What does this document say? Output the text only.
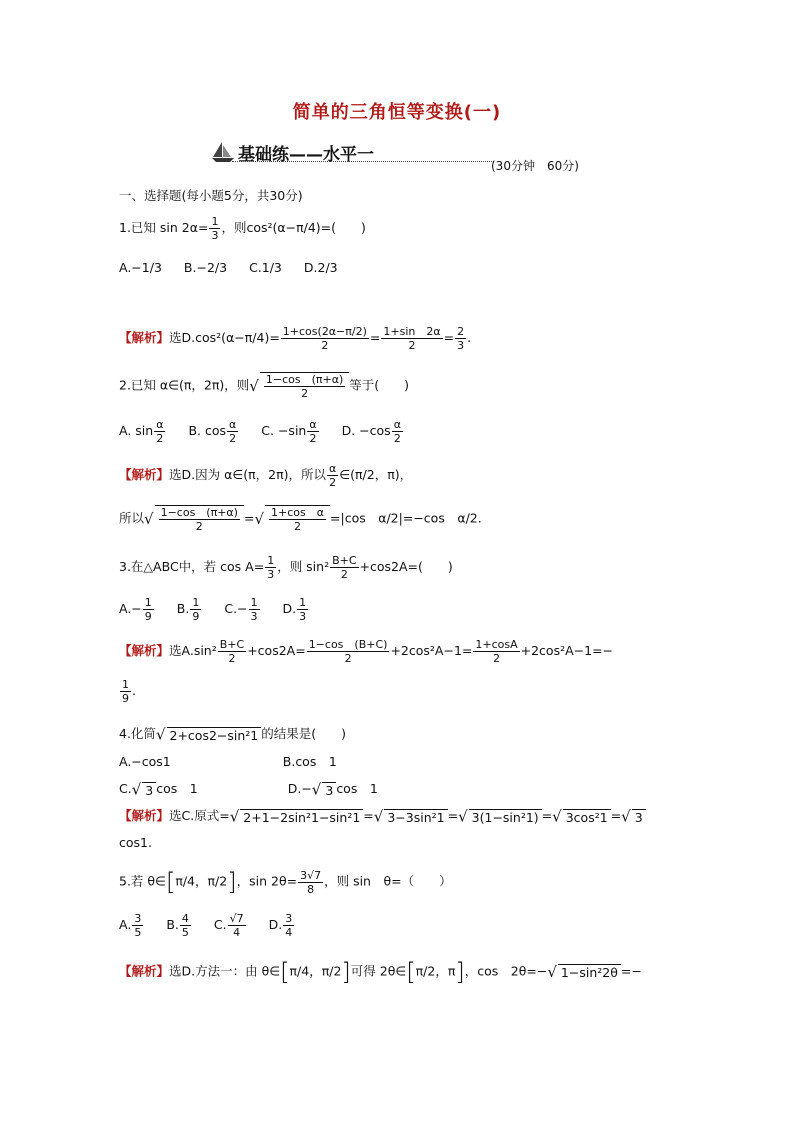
简单的三角恒等变换(一)
基础练——水平一
(30分钟　60分)
一、选择题(每小题5分，共30分)
1.已知 $\sin 2\alpha= \frac{1}{3}$ ，则cos²(α−π/4)=(　　)
A.−1/3 B.−2/3 C.1/3 D.2/3
【解析】选$D.\cos^2(\alpha-\pi/4)= \frac{1+\cos(2\alpha-\pi/2)}{2} = \frac{1+\sin 2\alpha}{2} = \frac{2}{3}$ .
2.已知 α∈(π，2π)，则√ $\frac{1-\cos (\pi+\alpha)}{2}$ 等于(　　)
A. $\sin \frac{\alpha}{2} B$. $\cos \frac{\alpha}{2} C$. $-\sin \frac{\alpha}{2} D$. $-\cos \frac{\alpha}{2}$
【解析】选D.因为 α∈(π，2π)，所以 $\frac{\alpha}{2}$ ∈(π/2，π)，
所以√ $\frac{1-\cos (\pi+\alpha)}{2}$ =√ $\frac{\text{1+cos　α}}{2} =|\cos$　α/2|=−cos　α/2.
3.在△ABC中，若 $\cos A= \frac{1}{3}$ ，则 $\sin^2 \frac{B+C}{2} +\cos 2A=$(　　)
$A.- \frac{1}{9} B$. $\frac{1}{9} C.- \frac{1}{3} D$. $\frac{1}{3}$
【解析】选$A.\sin^2 \frac{B+C}{2} +\cos 2A= \frac{1-\cos (B+C)}{2} +2\cos^2A-1= \frac{1+\cos A}{2} +2\cos^2A-1=-$
$\frac{1}{9}$ .
4.化简√ 2+cos2−sin²1 的结果是(　　)
A.−cos1	B.cos　1
C.√ 3 cos　1	D.−√ 3 cos　1
【解析】选C.原式=√ 2+1−2sin²1−sin²1 =√ 3−3sin²1 =√ 3(1−sin²1) =√ 3cos²1 =√ 3
cos1.
5.若 θ∈[π/4，π/2]，$\sin 2\theta= \frac{3√7}{8}$ ，则 sin　θ=（　　）
A. $\frac{3}{5} B$. $\frac{4}{5} C$. $\frac{√7}{4} D$. $\frac{3}{4}$
【解析】选D.方法一：由 θ∈[π/4，π/2]可得 2θ∈[π/2，π]，cos　2θ=−√ 1−sin²2θ =−
